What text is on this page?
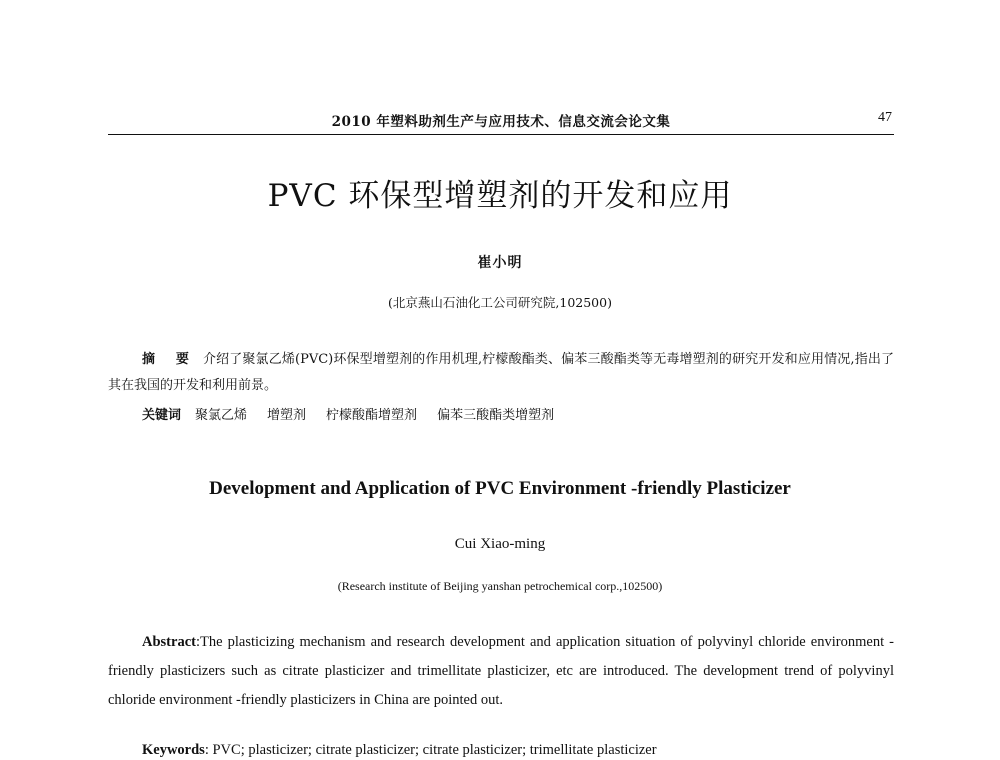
2010 年塑料助剂生产与应用技术、信息交流会论文集	47
PVC 环保型增塑剂的开发和应用
崔小明
(北京燕山石油化工公司研究院,102500)
摘 要 介绍了聚氯乙烯(PVC)环保型增塑剂的作用机理,柠檬酸酯类、偏苯三酸酯类等无毒增塑剂的研究开发和应用情况,指出了其在我国的开发和利用前景。
关键词 聚氯乙烯 增塑剂 柠檬酸酯增塑剂 偏苯三酸酯类增塑剂
Development and Application of PVC Environment -friendly Plasticizer
Cui Xiao-ming
(Research institute of Beijing yanshan petrochemical corp.,102500)
Abstract:The plasticizing mechanism and research development and application situation of polyvinyl chloride environment -friendly plasticizers such as citrate plasticizer and trimellitate plasticizer, etc are introduced. The development trend of polyvinyl chloride environment -friendly plasticizers in China are pointed out.
Keywords: PVC; plasticizer; citrate plasticizer; citrate plasticizer; trimellitate plasticizer
